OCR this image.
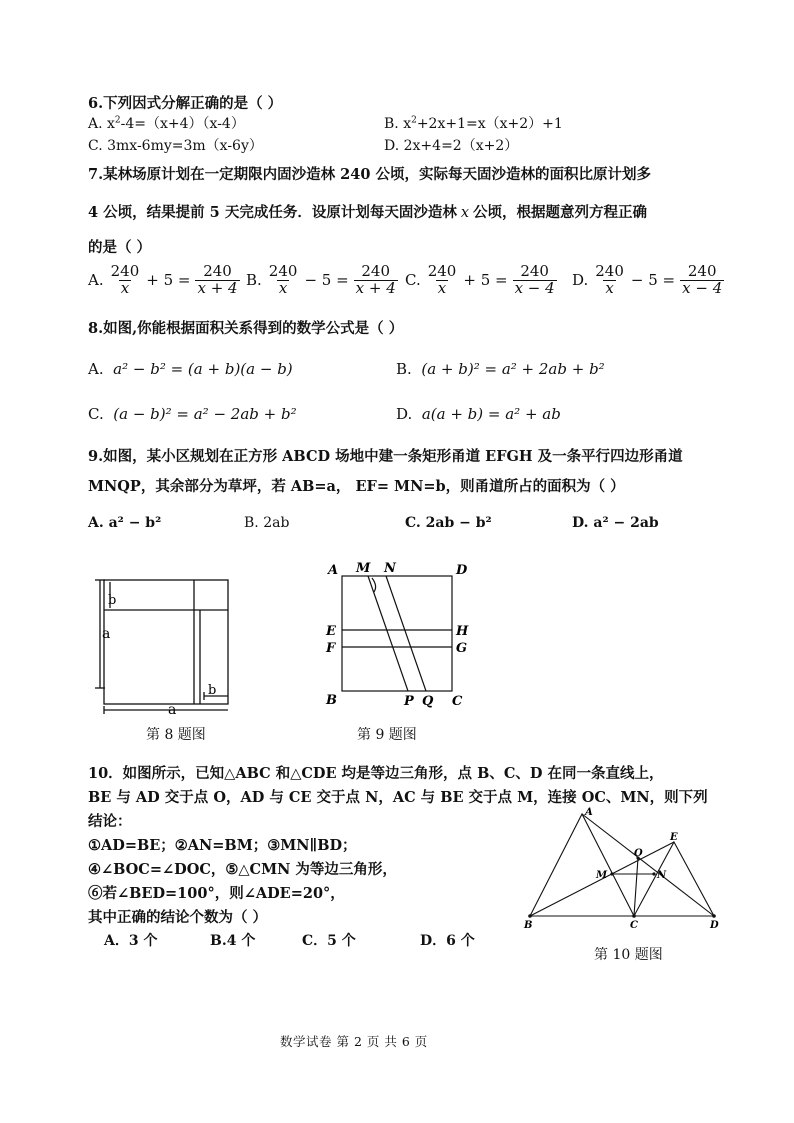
6.下列因式分解正确的是（ ）
A. $x^2-4=(x+4)(x-4)$	B. $x^2+2x+1=x(x+2)+1$
C. 3mx-6my=3m（x-6y）	D. 2x+4=2（x+2）
7.某林场原计划在一定期限内固沙造林 240 公顷，实际每天固沙造林的面积比原计划多
4 公顷，结果提前 5 天完成任务．设原计划每天固沙造林 x 公顷，根据题意列方程正确
的是（ ）
A. $\frac{240}{x} + 5 = \frac{240}{x + 4} B$. $\frac{240}{x} - 5 = \frac{240}{x + 4} C$. $\frac{240}{x} + 5 = \frac{240}{x - 4} D$. $\frac{240}{x} - 5 = \frac{240}{x - 4}$
8.如图,你能根据面积关系得到的数学公式是（ ）
A. a² − b² = (a + b)(a − b)	B. (a + b)² = a² + 2ab + b²
C. (a − b)² = a² − 2ab + b²	D. a(a + b) = a² + ab
9.如图，某小区规划在正方形 ABCD 场地中建一条矩形甬道 EFGH 及一条平行四边形甬道
MNQP，其余部分为草坪，若 AB=a， EF= MN=b，则甬道所占的面积为（ ）
A. a² − b²	B. 2ab	C. 2ab − b²	D. a² − 2ab
b
a
a
b
第 8 题图
A M N	D
E	H
F	G
B	P Q C
第 9 题图
10．如图所示，已知△ABC 和△CDE 均是等边三角形，点 B、C、D 在同一条直线上，
BE 与 AD 交于点 O，AD 与 CE 交于点 N，AC 与 BE 交于点 M，连接 OC、MN，则下列
结论：
①AD=BE；②AN=BM；③MN∥BD；
④∠BOC=∠DOC，⑤△CMN 为等边三角形，
⑥若∠BED=100°，则∠ADE=20°，
其中正确的结论个数为（ ）
A．3 个	B.4 个	C．5 个	D．6 个
A
B	C	D
E
M	N
O
第 10 题图
数学试卷 第 2 页 共 6 页
